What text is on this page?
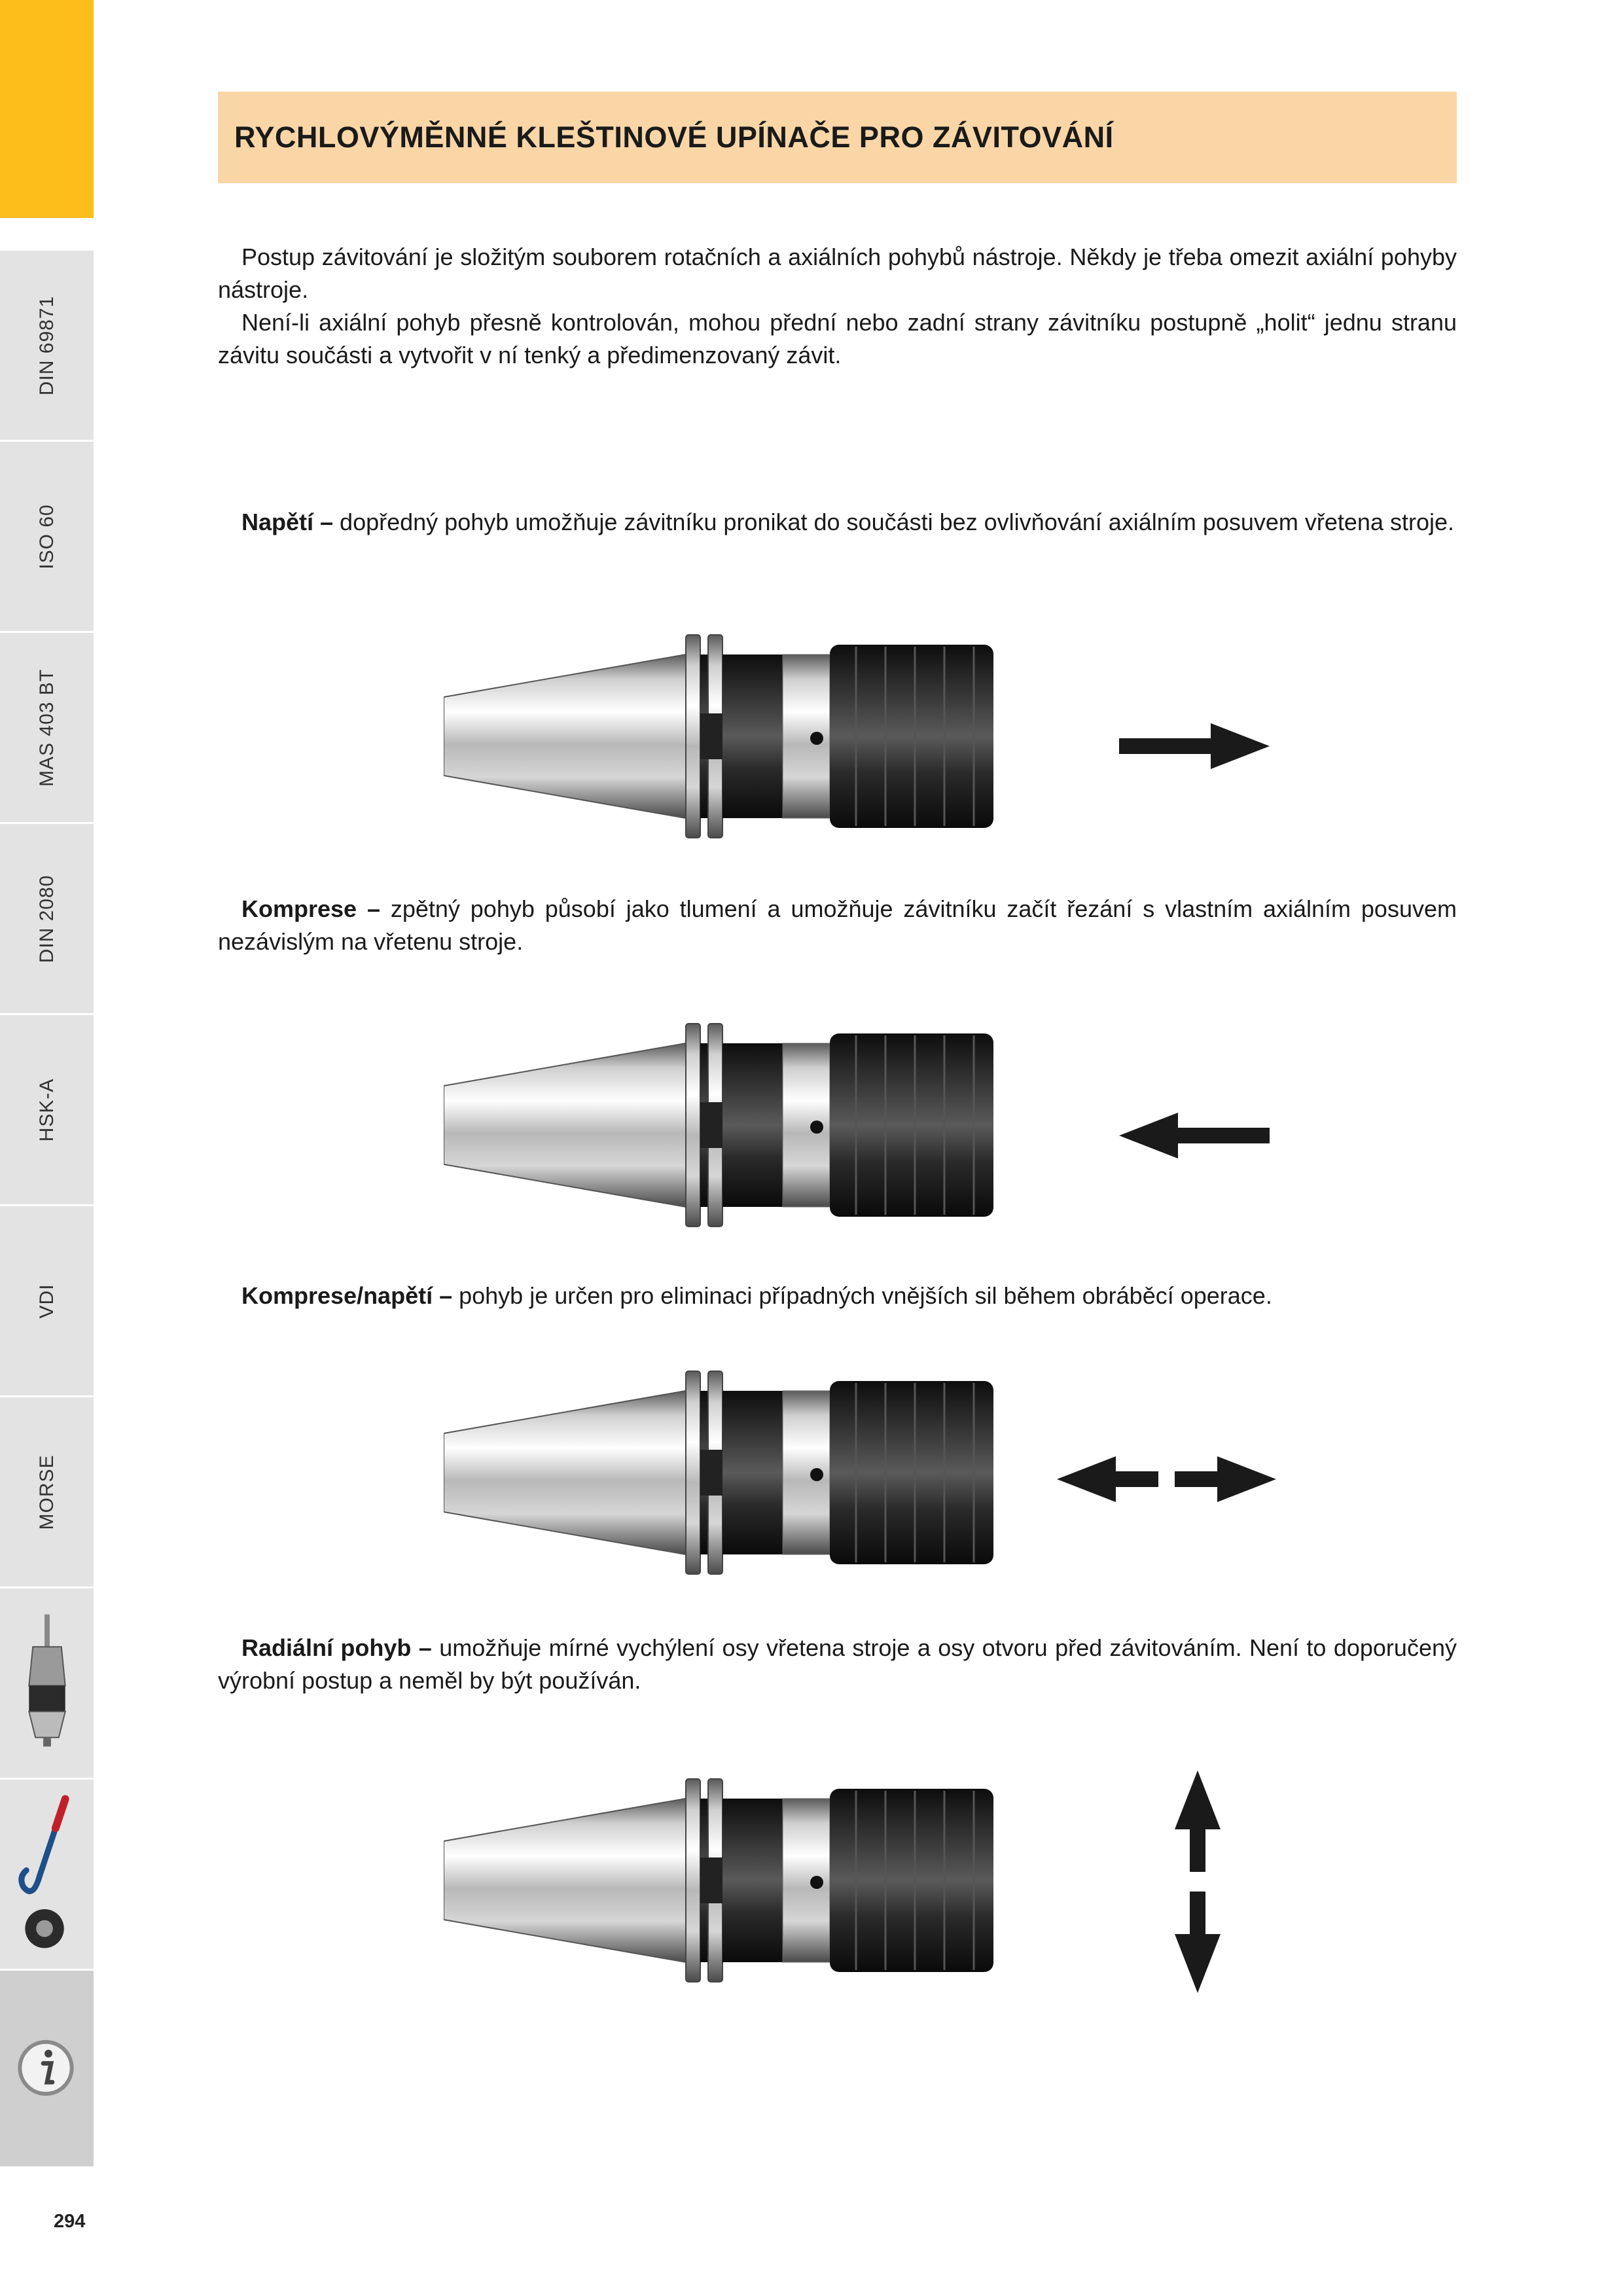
DIN 69871
ISO 60
MAS 403 BT
DIN 2080
HSK-A
VDI
MORSE
294
RYCHLOVÝMĚNNÉ KLEŠTINOVÉ UPÍNAČE PRO ZÁVITOVÁNÍ

Postup závitování je složitým souborem rotačních a axiálních pohybů nástroje. Někdy je třeba omezit axiální pohyby nástroje.

Není-li axiální pohyb přesně kontrolován, mohou přední nebo zadní strany závitníku postupně „holit“ jednu stranu závitu součásti a vytvořit v ní tenký a předimenzovaný závit.

Napětí – dopředný pohyb umožňuje závitníku pronikat do součásti bez ovlivňování axiálním posuvem vřetena stroje.

Komprese – zpětný pohyb působí jako tlumení a umožňuje závitníku začít řezání s vlastním axiálním posuvem nezávislým na vřetenu stroje.

Komprese/napětí – pohyb je určen pro eliminaci případných vnějších sil během obráběcí operace.

Radiální pohyb – umožňuje mírné vychýlení osy vřetena stroje a osy otvoru před závitováním. Není to doporučený výrobní postup a neměl by být používán.
